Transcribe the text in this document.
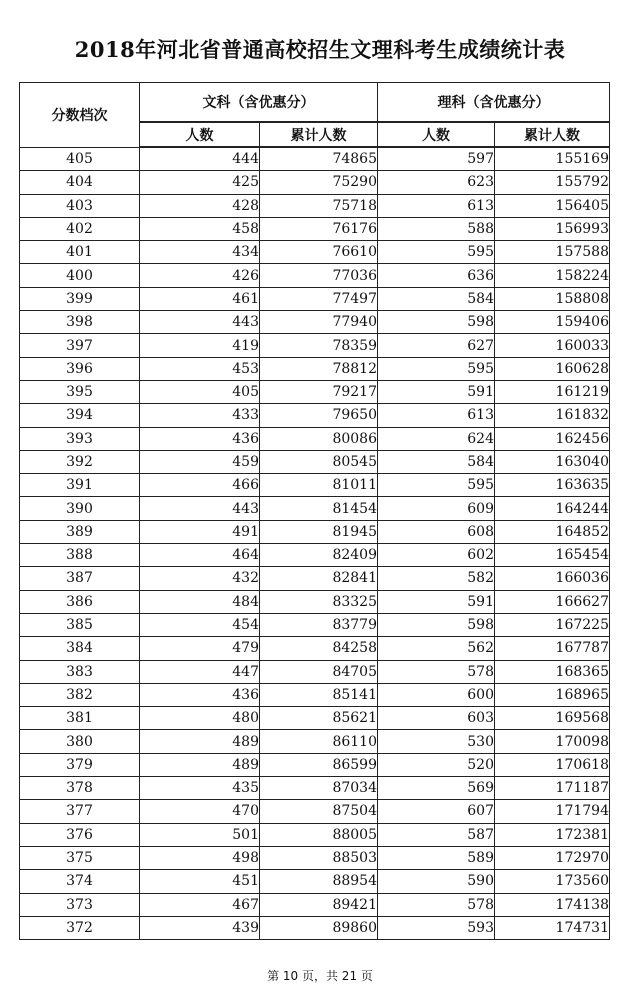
2018年河北省普通高校招生文理科考生成绩统计表
分数档次	文科（含优惠分）		理科（含优惠分）	
	人数	累计人数	人数	累计人数
405	444	74865	597	155169
404	425	75290	623	155792
403	428	75718	613	156405
402	458	76176	588	156993
401	434	76610	595	157588
400	426	77036	636	158224
399	461	77497	584	158808
398	443	77940	598	159406
397	419	78359	627	160033
396	453	78812	595	160628
395	405	79217	591	161219
394	433	79650	613	161832
393	436	80086	624	162456
392	459	80545	584	163040
391	466	81011	595	163635
390	443	81454	609	164244
389	491	81945	608	164852
388	464	82409	602	165454
387	432	82841	582	166036
386	484	83325	591	166627
385	454	83779	598	167225
384	479	84258	562	167787
383	447	84705	578	168365
382	436	85141	600	168965
381	480	85621	603	169568
380	489	86110	530	170098
379	489	86599	520	170618
378	435	87034	569	171187
377	470	87504	607	171794
376	501	88005	587	172381
375	498	88503	589	172970
374	451	88954	590	173560
373	467	89421	578	174138
372	439	89860	593	174731
第 10 页，共 21 页
